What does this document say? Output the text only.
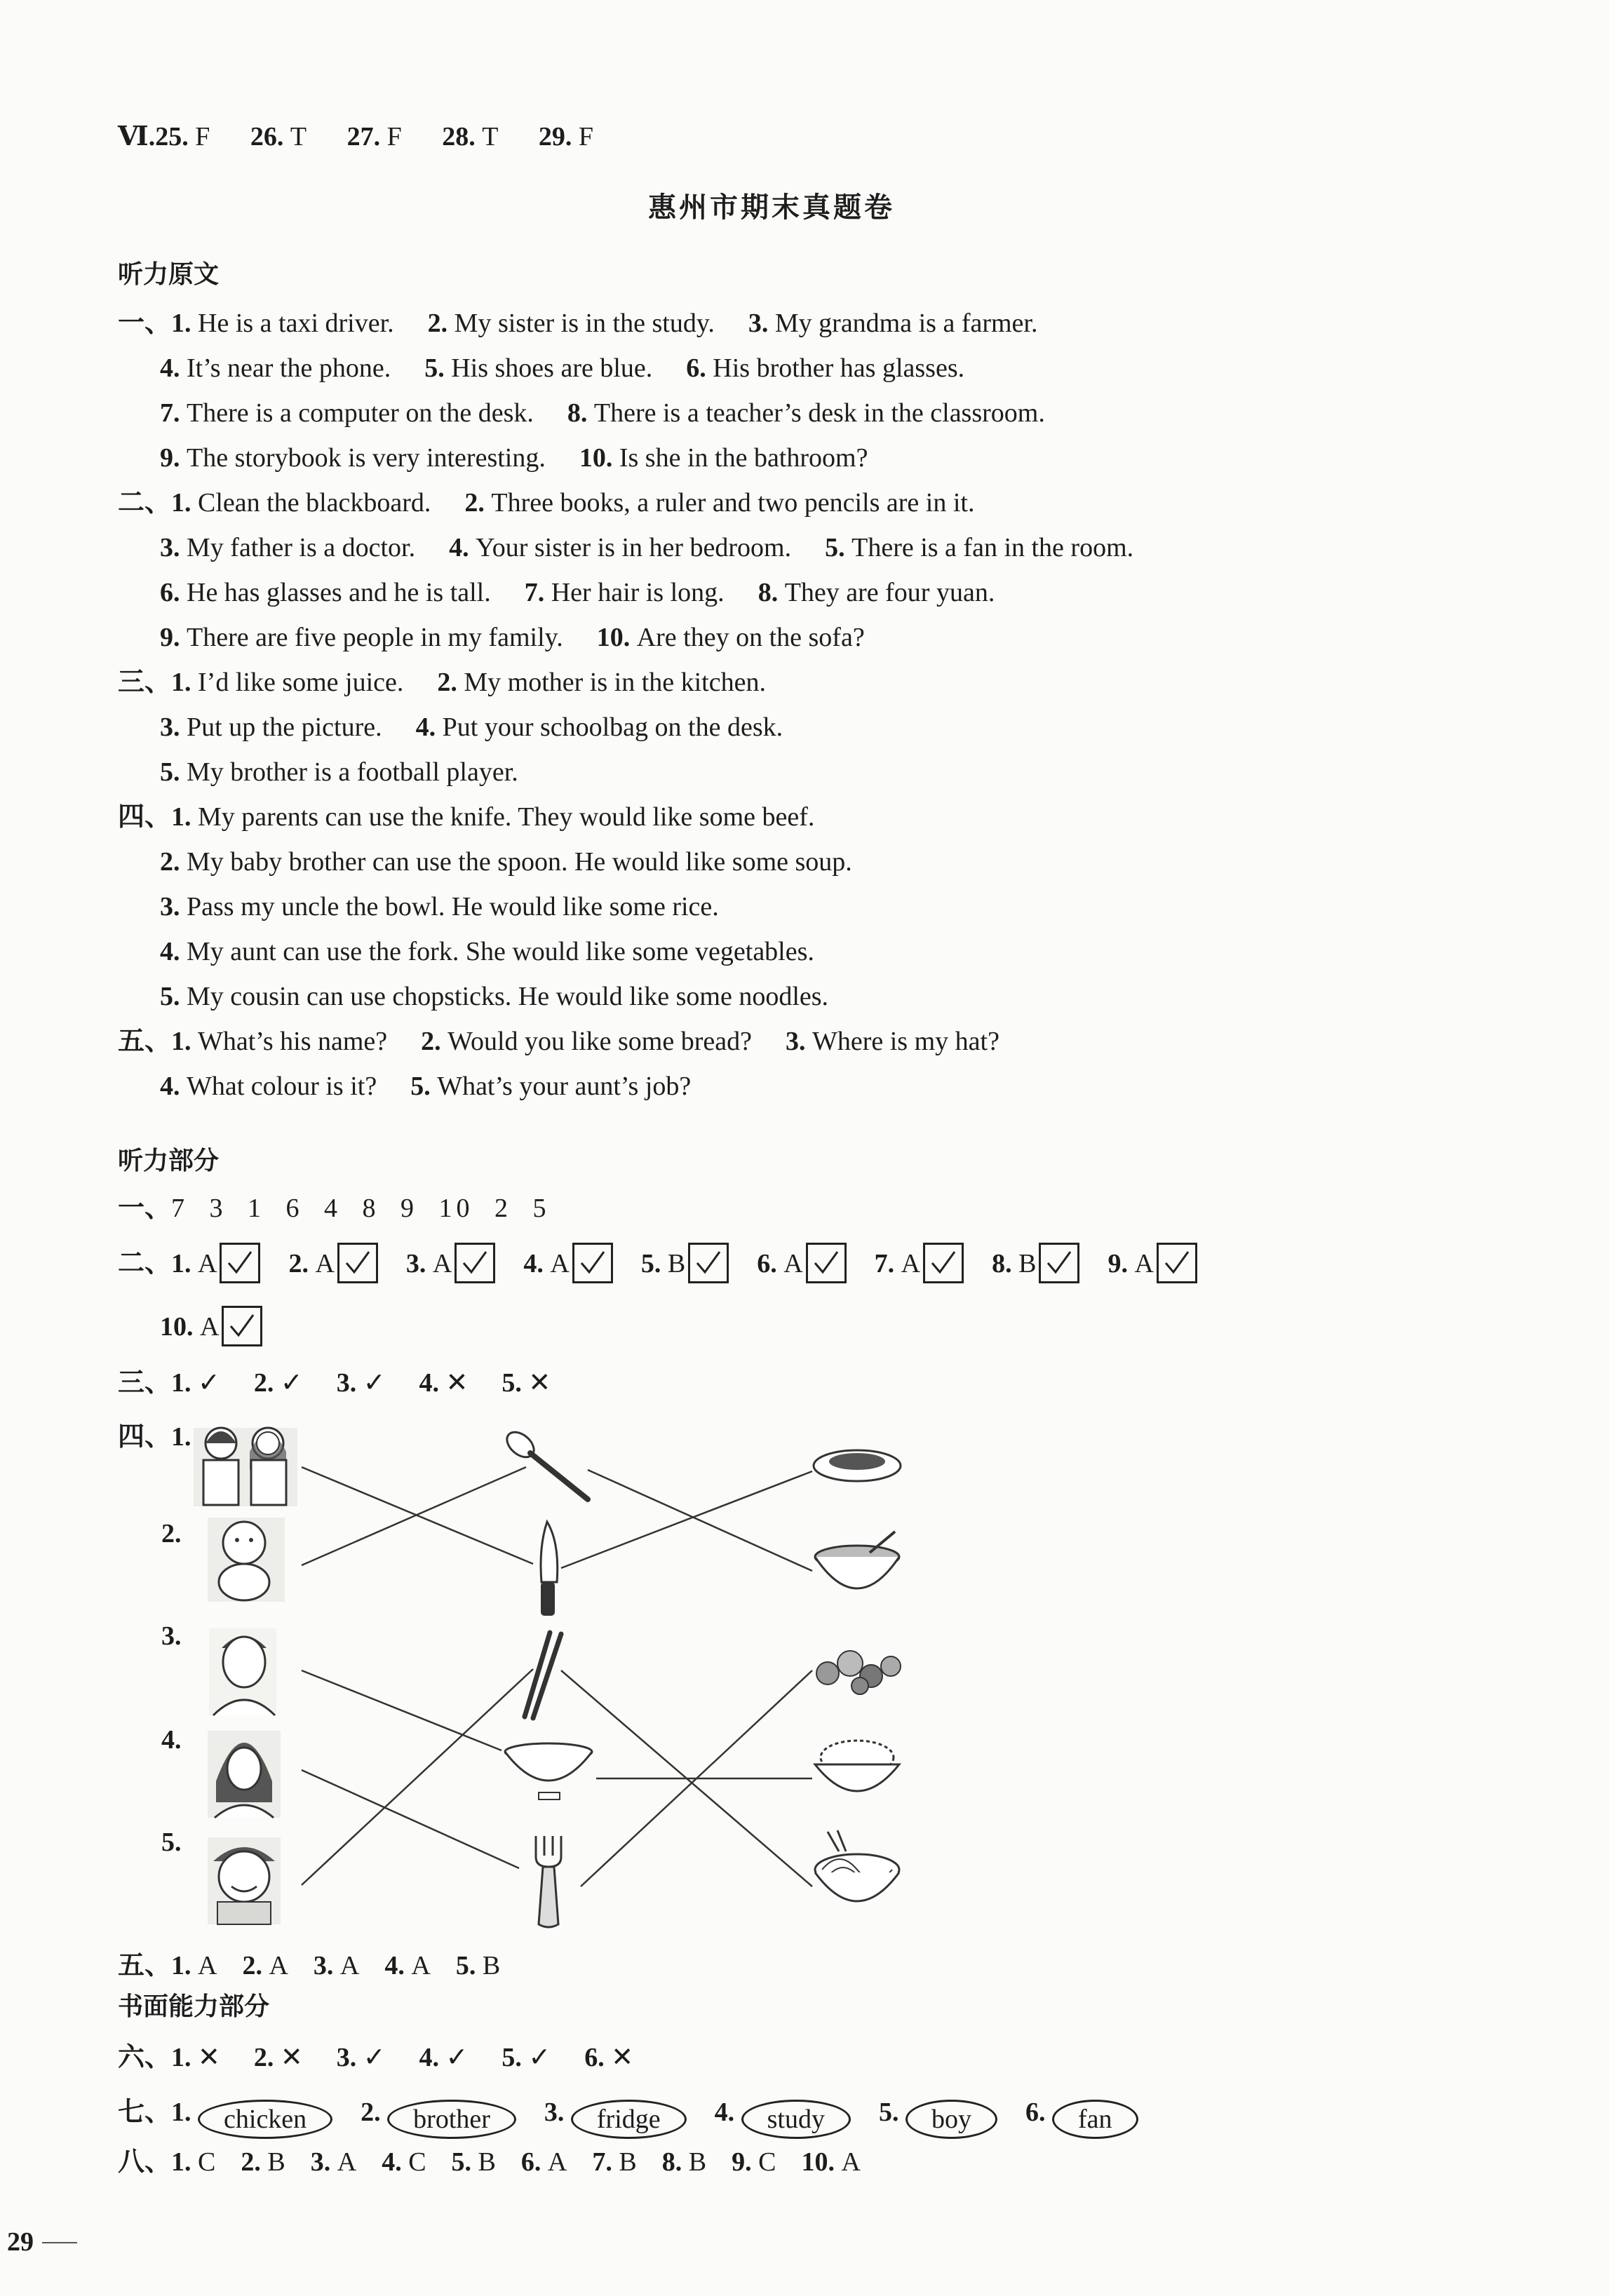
Ⅵ.25. F 26. T 27. F 28. T 29. F
惠州市期末真题卷
听力原文
一、1. He is a taxi driver. 2. My sister is in the study. 3. My grandma is a farmer.
4. It’s near the phone. 5. His shoes are blue. 6. His brother has glasses.
7. There is a computer on the desk. 8. There is a teacher’s desk in the classroom.
9. The storybook is very interesting. 10. Is she in the bathroom?
二、1. Clean the blackboard. 2. Three books, a ruler and two pencils are in it.
3. My father is a doctor. 4. Your sister is in her bedroom. 5. There is a fan in the room.
6. He has glasses and he is tall. 7. Her hair is long. 8. They are four yuan.
9. There are five people in my family. 10. Are they on the sofa?
三、1. I’d like some juice. 2. My mother is in the kitchen.
3. Put up the picture. 4. Put your schoolbag on the desk.
5. My brother is a football player.
四、1. My parents can use the knife. They would like some beef.
2. My baby brother can use the spoon. He would like some soup.
3. Pass my uncle the bowl. He would like some rice.
4. My aunt can use the fork. She would like some vegetables.
5. My cousin can use chopsticks. He would like some noodles.
五、1. What’s his name? 2. Would you like some bread? 3. Where is my hat?
4. What colour is it? 5. What’s your aunt’s job?
听力部分
一、7 3 1 6 4 8 9 10 2 5
二、1. A	2. A	3. A	4. A	5. B	6. A	7. A	8. B	9. A
10. A
三、1. ✓ 2. ✓ 3. ✓ 4. ✕ 5. ✕
四、1.
2.
3.
4.
5.
五、1. A 2. A 3. A 4. A 5. B
书面能力部分
六、1. ✕ 2. ✕ 3. ✓ 4. ✓ 5. ✓ 6. ✕
七、1. chicken 2. brother 3. fridge 4. study 5. boy 6. fan
八、1. C 2. B 3. A 4. C 5. B 6. A 7. B 8. B 9. C 10. A
29
